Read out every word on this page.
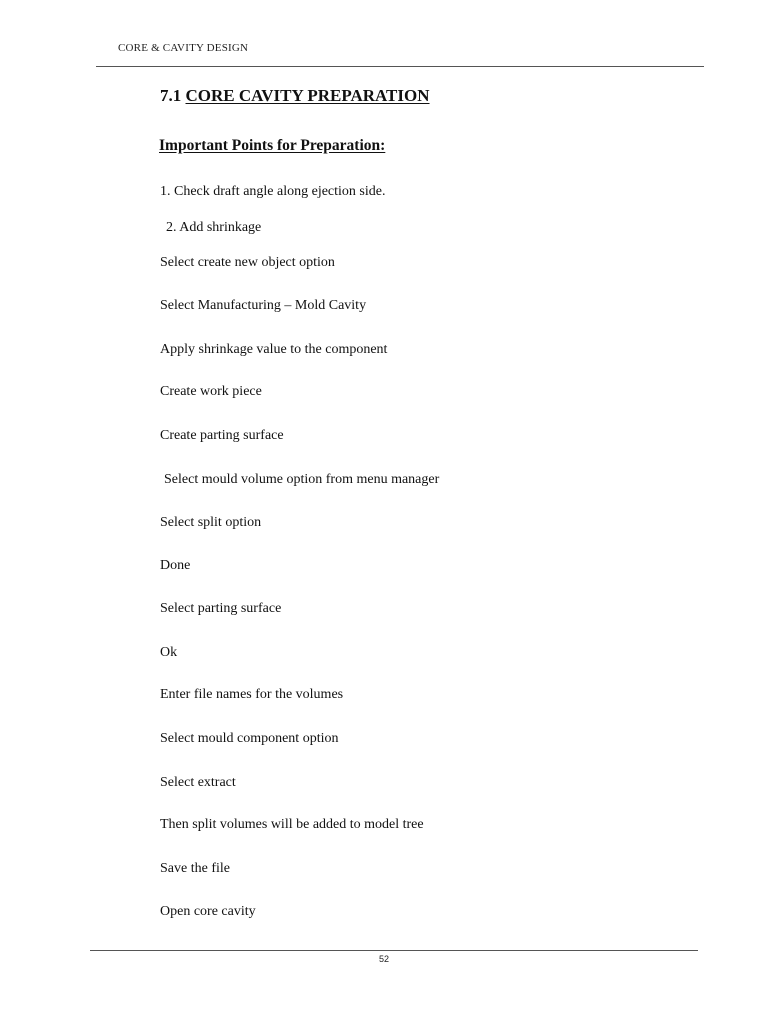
CORE & CAVITY DESIGN
7.1 CORE CAVITY PREPARATION
Important Points for Preparation:
1. Check draft angle along ejection side.
2. Add shrinkage
Select create new object option
Select Manufacturing – Mold Cavity
Apply shrinkage value to the component
Create work piece
Create parting surface
Select mould volume option from menu manager
Select split option
Done
Select parting surface
Ok
Enter file names for the volumes
Select mould component option
Select extract
Then split volumes will be added to model tree
Save the file
Open core cavity
52
